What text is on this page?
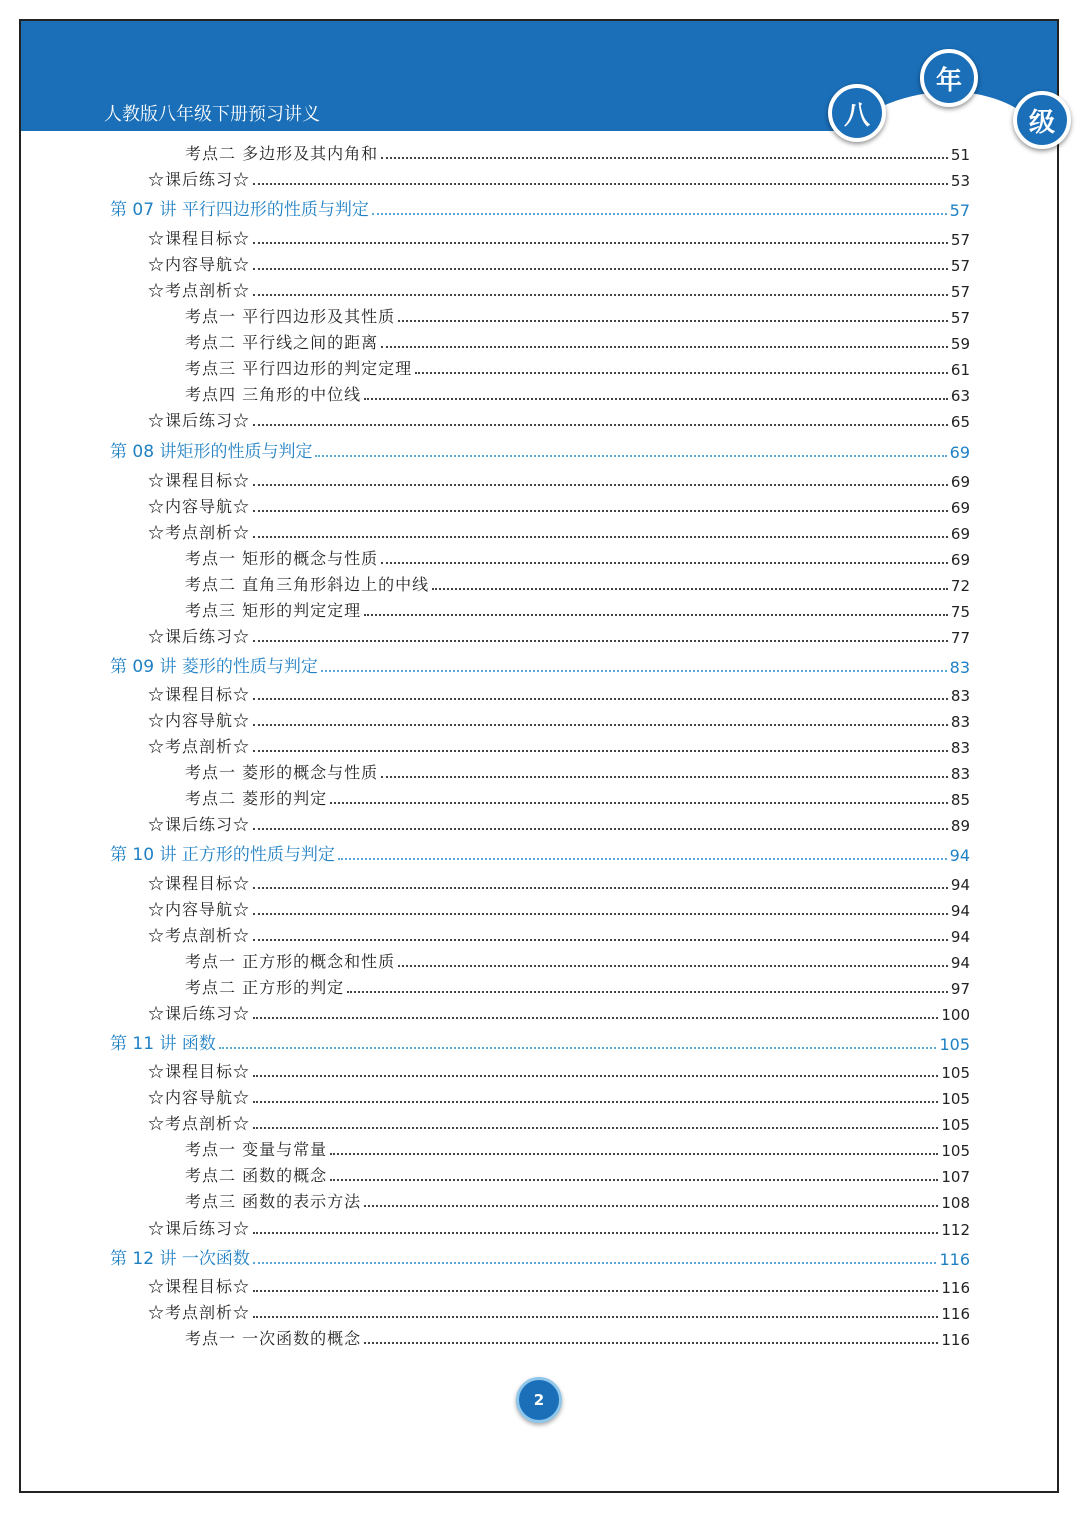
人教版八年级下册预习讲义	八
年
级
考点二 多边形及其内角和	51
☆课后练习☆	53
第 07 讲 平行四边形的性质与判定	57
☆课程目标☆	57
☆内容导航☆	57
☆考点剖析☆	57
考点一 平行四边形及其性质	57
考点二 平行线之间的距离	59
考点三 平行四边形的判定定理	61
考点四 三角形的中位线	63
☆课后练习☆	65
第 08 讲矩形的性质与判定	69
☆课程目标☆	69
☆内容导航☆	69
☆考点剖析☆	69
考点一 矩形的概念与性质	69
考点二 直角三角形斜边上的中线	72
考点三 矩形的判定定理	75
☆课后练习☆	77
第 09 讲 菱形的性质与判定	83
☆课程目标☆	83
☆内容导航☆	83
☆考点剖析☆	83
考点一 菱形的概念与性质	83
考点二 菱形的判定	85
☆课后练习☆	89
第 10 讲 正方形的性质与判定	94
☆课程目标☆	94
☆内容导航☆	94
☆考点剖析☆	94
考点一 正方形的概念和性质	94
考点二 正方形的判定	97
☆课后练习☆	100
第 11 讲 函数	105
☆课程目标☆	105
☆内容导航☆	105
☆考点剖析☆	105
考点一 变量与常量	105
考点二 函数的概念	107
考点三 函数的表示方法	108
☆课后练习☆	112
第 12 讲 一次函数	116
☆课程目标☆	116
☆考点剖析☆	116
考点一 一次函数的概念	116
2
